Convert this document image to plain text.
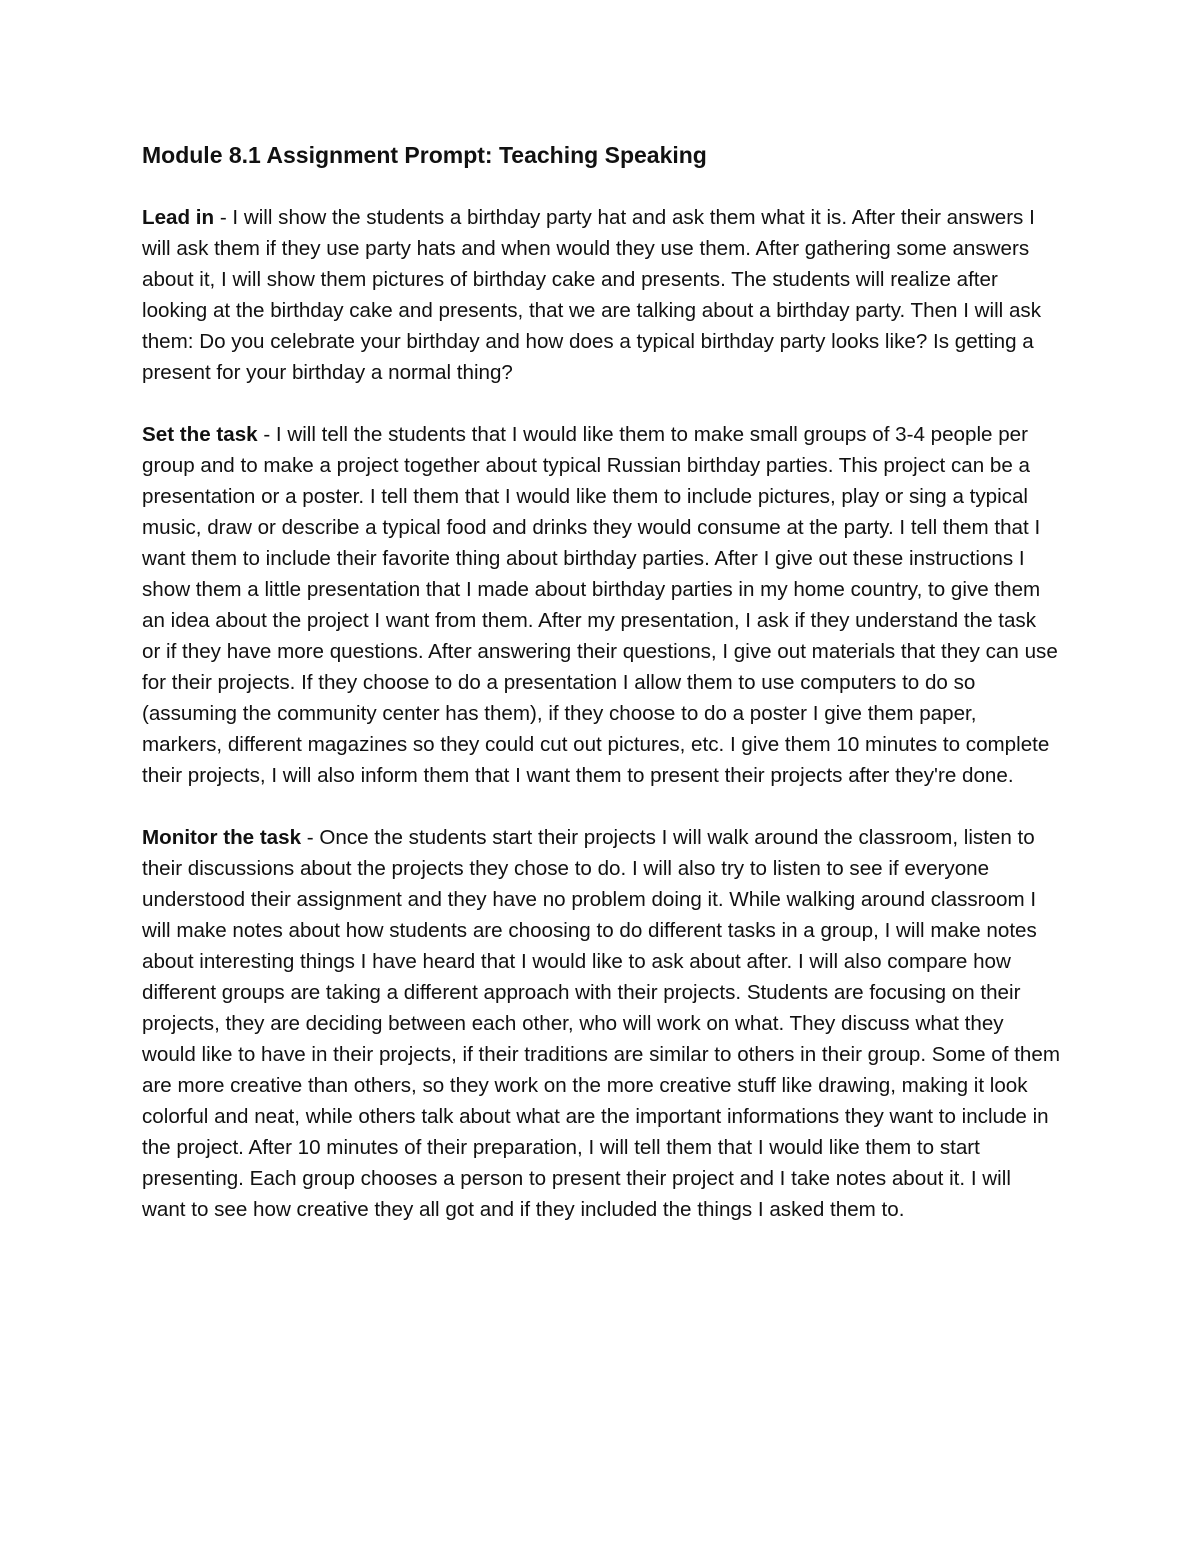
Module 8.1 Assignment Prompt: Teaching Speaking

Lead in - I will show the students a birthday party hat and ask them what it is. After their answers I will ask them if they use party hats and when would they use them. After gathering some answers about it, I will show them pictures of birthday cake and presents. The students will realize after looking at the birthday cake and presents, that we are talking about a birthday party. Then I will ask them: Do you celebrate your birthday and how does a typical birthday party looks like? Is getting a present for your birthday a normal thing?

Set the task - I will tell the students that I would like them to make small groups of 3-4 people per group and to make a project together about typical Russian birthday parties. This project can be a presentation or a poster. I tell them that I would like them to include pictures, play or sing a typical music, draw or describe a typical food and drinks they would consume at the party. I tell them that I want them to include their favorite thing about birthday parties. After I give out these instructions I show them a little presentation that I made about birthday parties in my home country, to give them an idea about the project I want from them. After my presentation, I ask if they understand the task or if they have more questions. After answering their questions, I give out materials that they can use for their projects. If they choose to do a presentation I allow them to use computers to do so (assuming the community center has them), if they choose to do a poster I give them paper, markers, different magazines so they could cut out pictures, etc. I give them 10 minutes to complete their projects, I will also inform them that I want them to present their projects after they're done.

Monitor the task - Once the students start their projects I will walk around the classroom, listen to their discussions about the projects they chose to do. I will also try to listen to see if everyone understood their assignment and they have no problem doing it. While walking around classroom I will make notes about how students are choosing to do different tasks in a group, I will make notes about interesting things I have heard that I would like to ask about after. I will also compare how different groups are taking a different approach with their projects. Students are focusing on their projects, they are deciding between each other, who will work on what. They discuss what they would like to have in their projects, if their traditions are similar to others in their group. Some of them are more creative than others, so they work on the more creative stuff like drawing, making it look colorful and neat, while others talk about what are the important informations they want to include in the project. After 10 minutes of their preparation, I will tell them that I would like them to start presenting. Each group chooses a person to present their project and I take notes about it. I will want to see how creative they all got and if they included the things I asked them to.
